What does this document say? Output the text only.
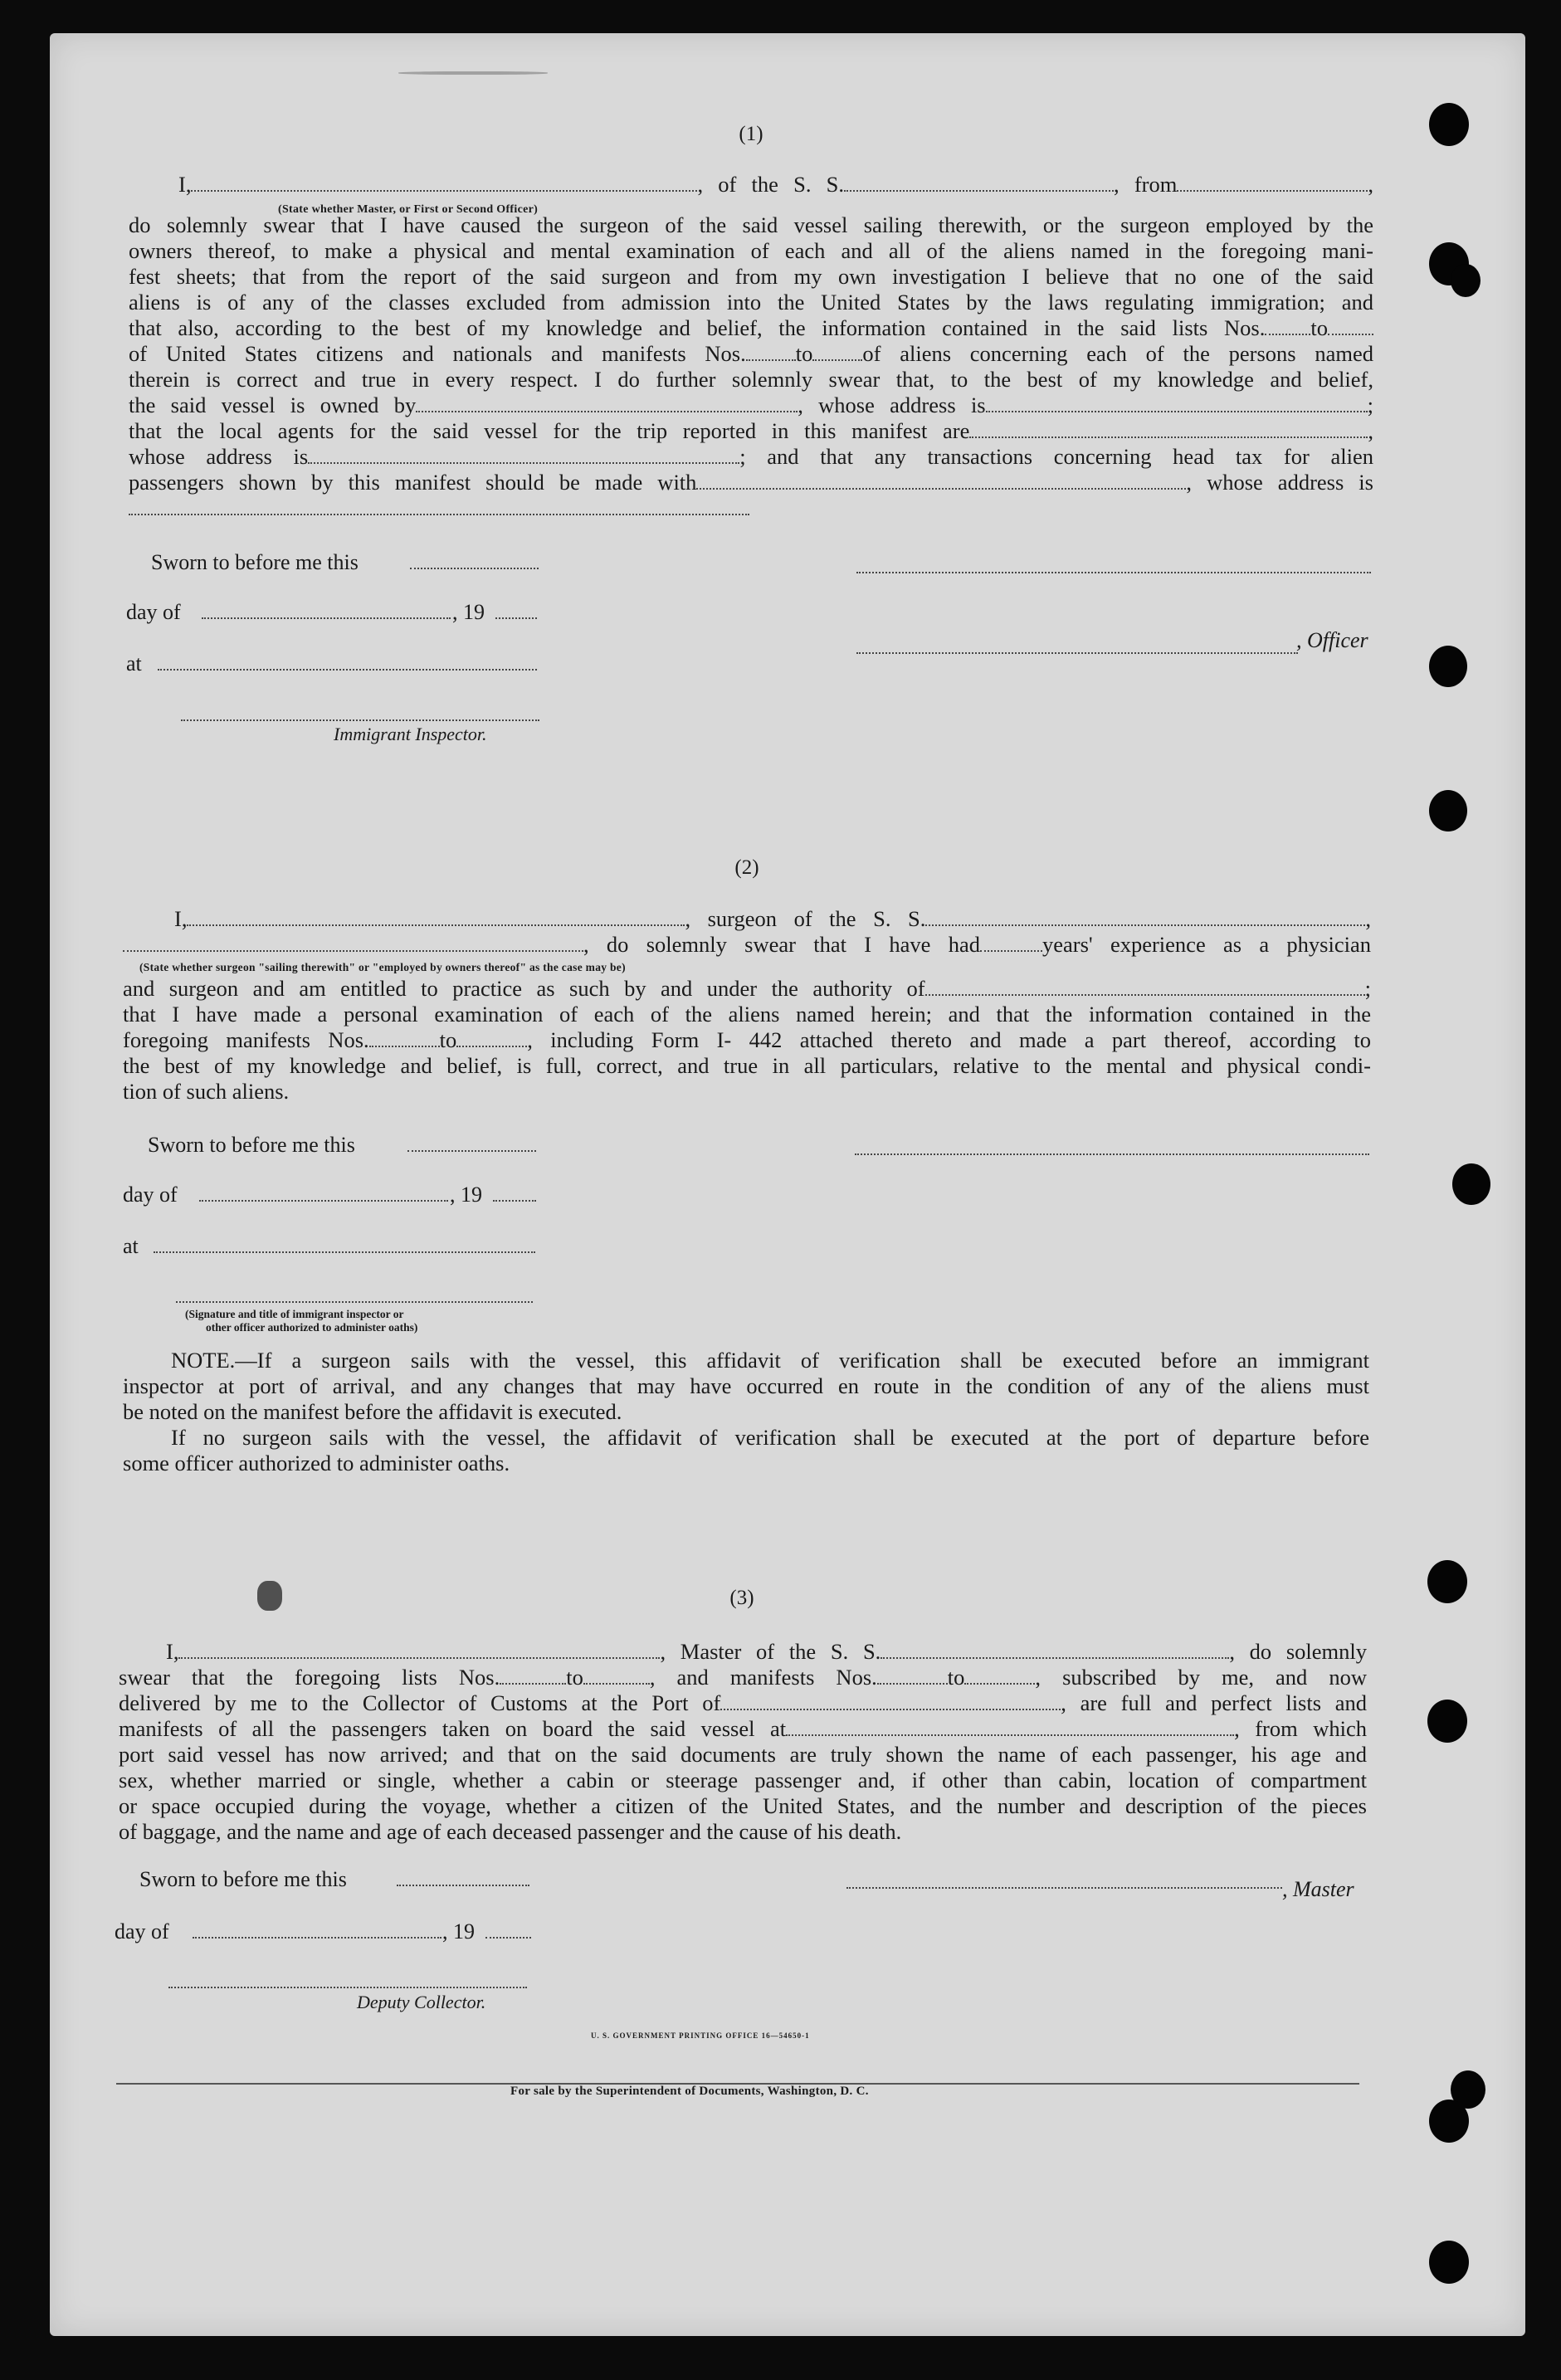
(1)
I,	, of the S. S.	, from	,
(State whether Master, or First or Second Officer)
do solemnly swear that I have caused the surgeon of the said vessel sailing therewith, or the surgeon employed by the
owners thereof, to make a physical and mental examination of each and all of the aliens named in the foregoing mani-
fest sheets; that from the report of the said surgeon and from my own investigation I believe that no one of the said
aliens is of any of the classes excluded from admission into the United States by the laws regulating immigration; and
that also, according to the best of my knowledge and belief, the information contained in the said lists Nos. to
of United States citizens and nationals and manifests Nos. to of aliens concerning each of the persons named
therein is correct and true in every respect. I do further solemnly swear that, to the best of my knowledge and belief,
the said vessel is owned by	, whose address is	;
that the local agents for the said vessel for the trip reported in this manifest are	,
whose address is	; and that any transactions concerning head tax for alien
passengers shown by this manifest should be made with	, whose address is
Sworn to before me this
day of	, 19
at
Immigrant Inspector.
, Officer
(2)
I,	, surgeon of the S. S.	,
, do solemnly swear that I have had	years' experience as a physician
(State whether surgeon "sailing therewith" or "employed by owners thereof" as the case may be)
and surgeon and am entitled to practice as such by and under the authority of	;
that I have made a personal examination of each of the aliens named herein; and that the information contained in the
foregoing manifests Nos.	to	, including Form I- 442 attached thereto and made a part thereof, according to
the best of my knowledge and belief, is full, correct, and true in all particulars, relative to the mental and physical condi-
tion of such aliens.
Sworn to before me this
day of	, 19
at
(Signature and title of immigrant inspector or
other officer authorized to administer oaths)
NOTE.—If a surgeon sails with the vessel, this affidavit of verification shall be executed before an immigrant
inspector at port of arrival, and any changes that may have occurred en route in the condition of any of the aliens must
be noted on the manifest before the affidavit is executed.
If no surgeon sails with the vessel, the affidavit of verification shall be executed at the port of departure before
some officer authorized to administer oaths.
(3)
I,	, Master of the S. S.	, do solemnly
swear that the foregoing lists Nos.	to	, and manifests Nos.	to	, subscribed by me, and now
delivered by me to the Collector of Customs at the Port of	, are full and perfect lists and
manifests of all the passengers taken on board the said vessel at	, from which
port said vessel has now arrived; and that on the said documents are truly shown the name of each passenger, his age and
sex, whether married or single, whether a cabin or steerage passenger and, if other than cabin, location of compartment
or space occupied during the voyage, whether a citizen of the United States, and the number and description of the pieces
of baggage, and the name and age of each deceased passenger and the cause of his death.
Sworn to before me this	, Master
day of	, 19
Deputy Collector.
U. S. GOVERNMENT PRINTING OFFICE 16—54650-1
For sale by the Superintendent of Documents, Washington, D. C.
